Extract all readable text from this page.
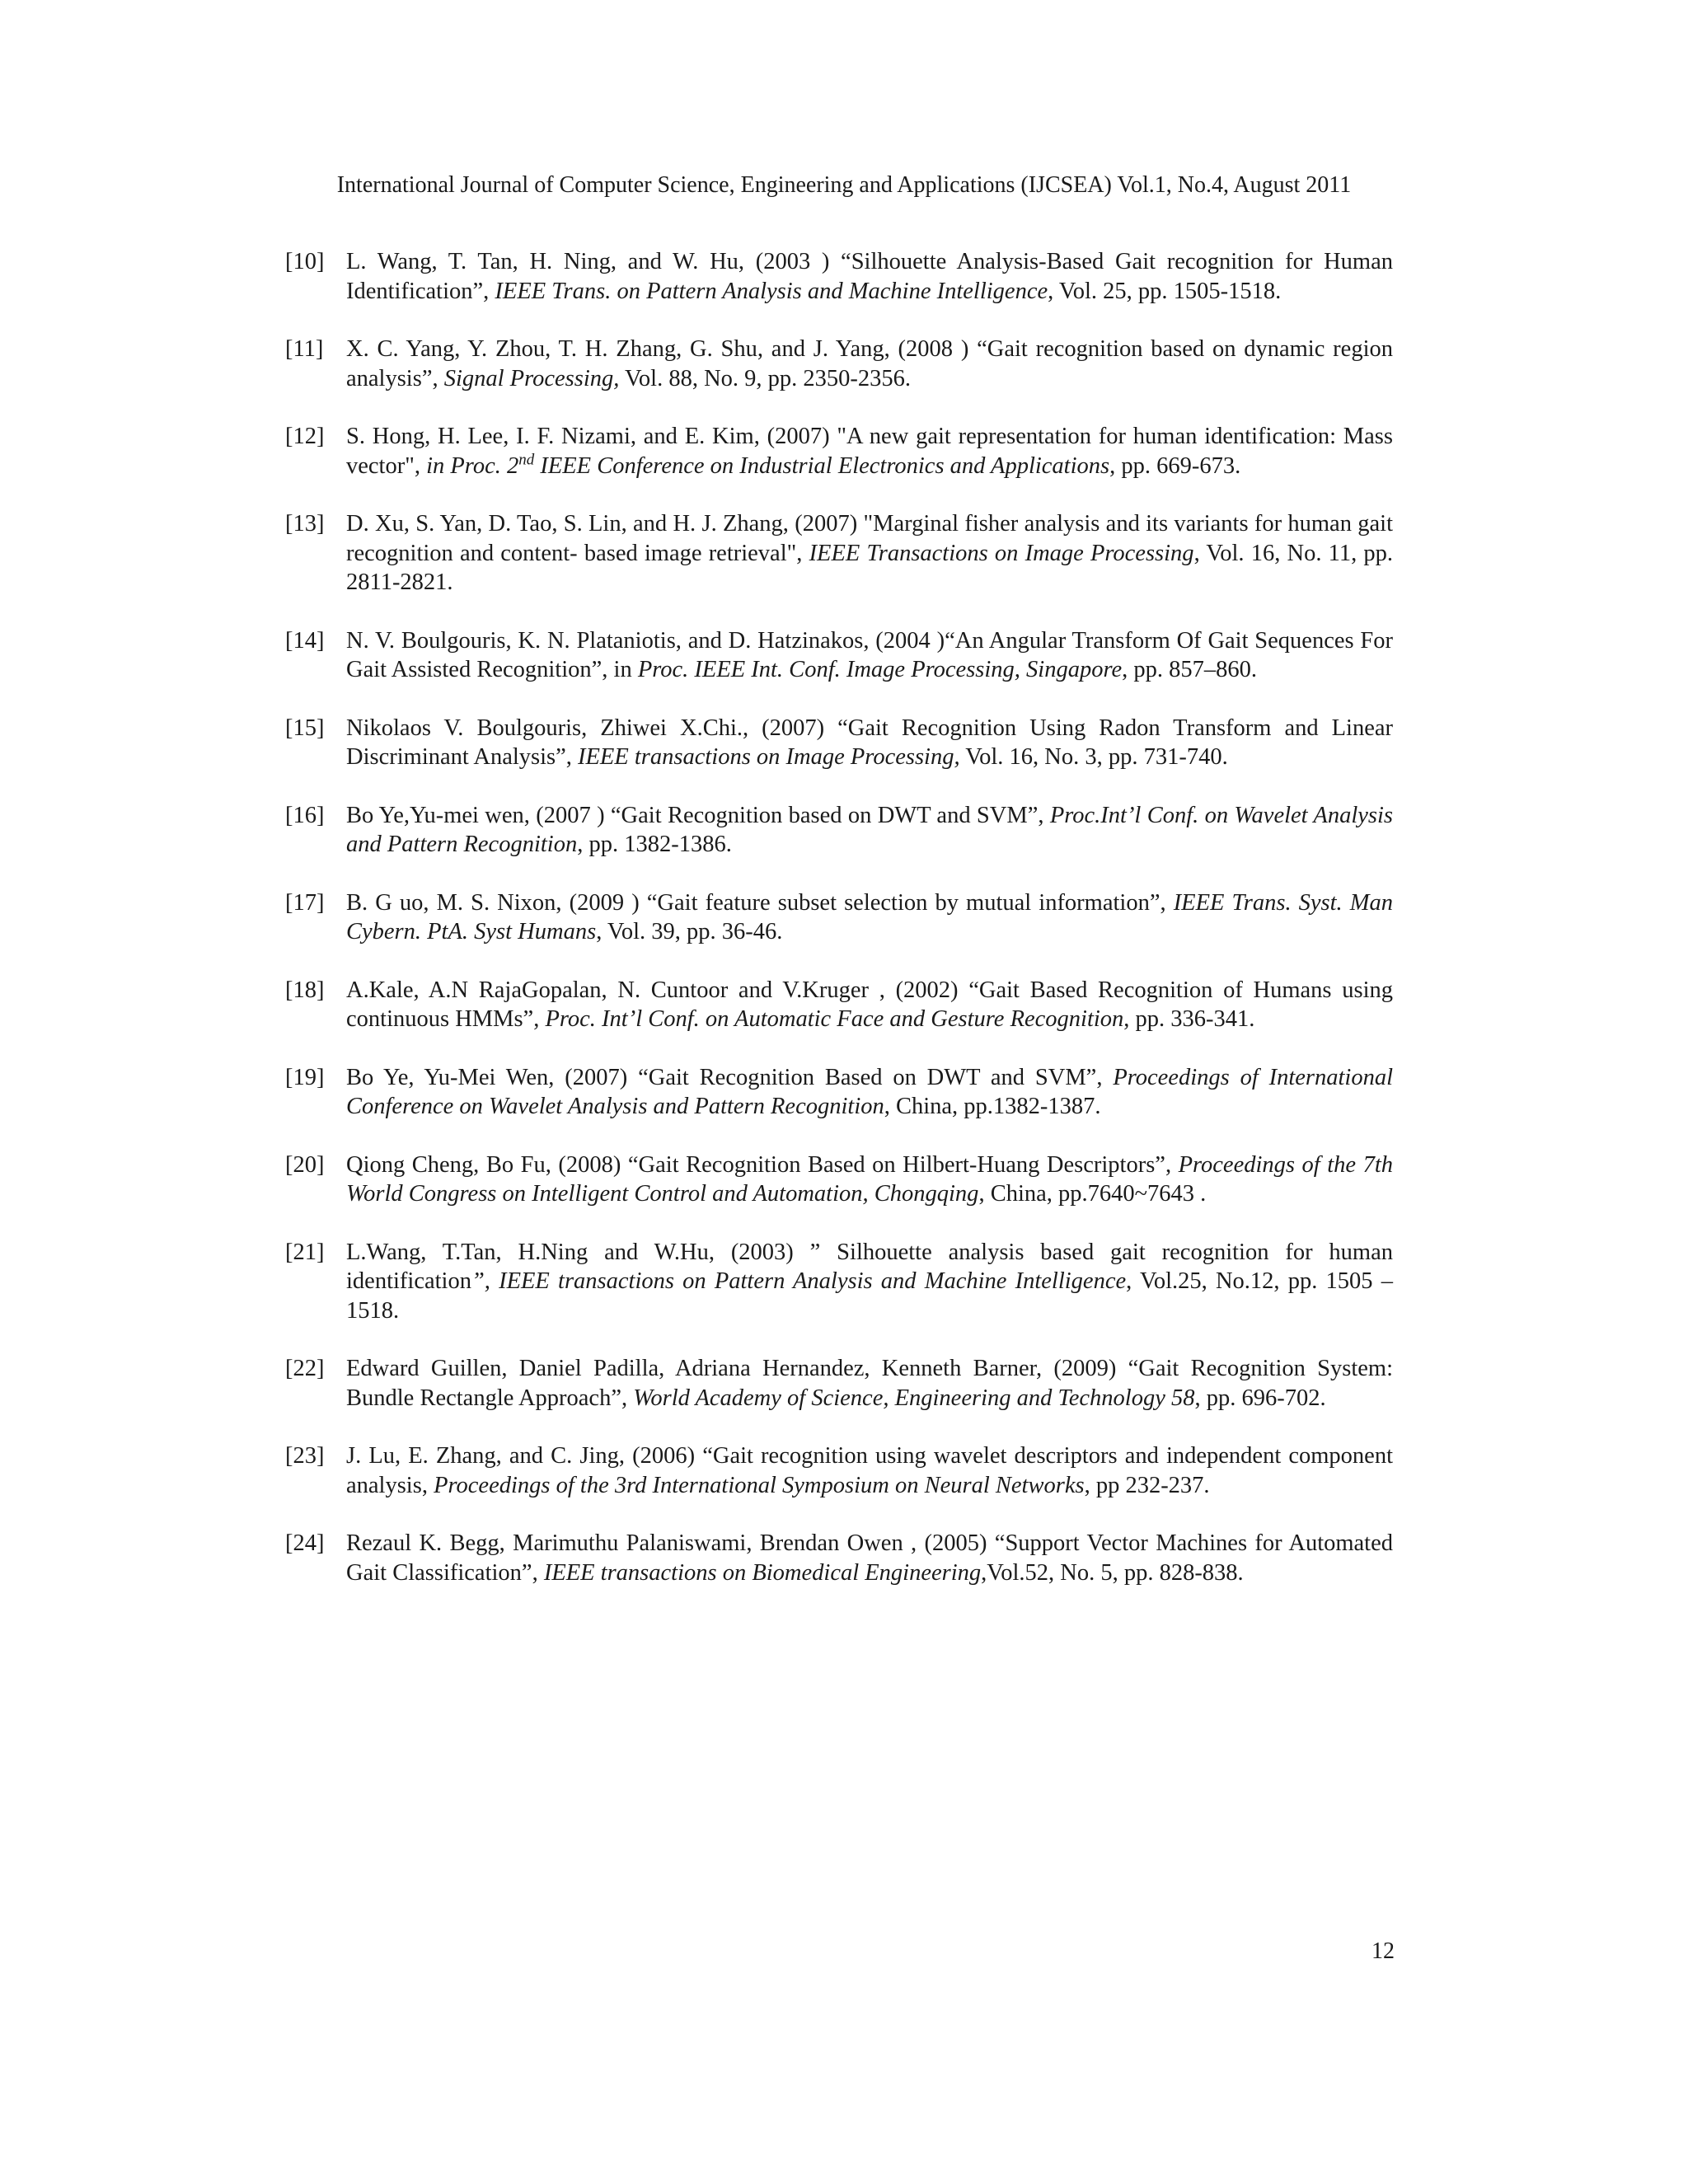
International Journal of Computer Science, Engineering and Applications (IJCSEA) Vol.1, No.4, August 2011
[10] L. Wang, T. Tan, H. Ning, and W. Hu, (2003 ) “Silhouette Analysis-Based Gait recognition for Human Identification”, IEEE Trans. on Pattern Analysis and Machine Intelligence, Vol. 25, pp. 1505-1518.
[11] X. C. Yang, Y. Zhou, T. H. Zhang, G. Shu, and J. Yang, (2008 ) “Gait recognition based on dynamic region analysis”, Signal Processing, Vol. 88, No. 9, pp. 2350-2356.
[12] S. Hong, H. Lee, I. F. Nizami, and E. Kim, (2007) "A new gait representation for human identification: Mass vector", in Proc. 2nd IEEE Conference on Industrial Electronics and Applications, pp. 669-673.
[13] D. Xu, S. Yan, D. Tao, S. Lin, and H. J. Zhang, (2007) "Marginal fisher analysis and its variants for human gait recognition and content- based image retrieval", IEEE Transactions on Image Processing, Vol. 16, No. 11, pp. 2811-2821.
[14] N. V. Boulgouris, K. N. Plataniotis, and D. Hatzinakos, (2004 )“An Angular Transform Of Gait Sequences For Gait Assisted Recognition”, in Proc. IEEE Int. Conf. Image Processing, Singapore, pp. 857–860.
[15] Nikolaos V. Boulgouris, Zhiwei X.Chi., (2007) “Gait Recognition Using Radon Transform and Linear Discriminant Analysis”, IEEE transactions on Image Processing, Vol. 16, No. 3, pp. 731-740.
[16] Bo Ye,Yu-mei wen, (2007 ) “Gait Recognition based on DWT and SVM”, Proc.Int’l Conf. on Wavelet Analysis and Pattern Recognition, pp. 1382-1386.
[17] B. G uo, M. S. Nixon, (2009 ) “Gait feature subset selection by mutual information”, IEEE Trans. Syst. Man Cybern. PtA. Syst Humans, Vol. 39, pp. 36-46.
[18] A.Kale, A.N RajaGopalan, N. Cuntoor and V.Kruger , (2002) “Gait Based Recognition of Humans using continuous HMMs”, Proc. Int’l Conf. on Automatic Face and Gesture Recognition, pp. 336-341.
[19] Bo Ye, Yu-Mei Wen, (2007) “Gait Recognition Based on DWT and SVM”, Proceedings of International Conference on Wavelet Analysis and Pattern Recognition, China, pp.1382-1387.
[20] Qiong Cheng, Bo Fu, (2008) “Gait Recognition Based on Hilbert-Huang Descriptors”, Proceedings of the 7th World Congress on Intelligent Control and Automation, Chongqing, China, pp.7640~7643 .
[21] L.Wang, T.Tan, H.Ning and W.Hu, (2003) ” Silhouette analysis based gait recognition for human identification”, IEEE transactions on Pattern Analysis and Machine Intelligence, Vol.25, No.12, pp. 1505 – 1518.
[22] Edward Guillen, Daniel Padilla, Adriana Hernandez, Kenneth Barner, (2009) “Gait Recognition System: Bundle Rectangle Approach”, World Academy of Science, Engineering and Technology 58, pp. 696-702.
[23] J. Lu, E. Zhang, and C. Jing, (2006) “Gait recognition using wavelet descriptors and independent component analysis, Proceedings of the 3rd International Symposium on Neural Networks, pp 232-237.
[24] Rezaul K. Begg, Marimuthu Palaniswami, Brendan Owen , (2005) “Support Vector Machines for Automated Gait Classification”, IEEE transactions on Biomedical Engineering,Vol.52, No. 5, pp. 828-838.
12
